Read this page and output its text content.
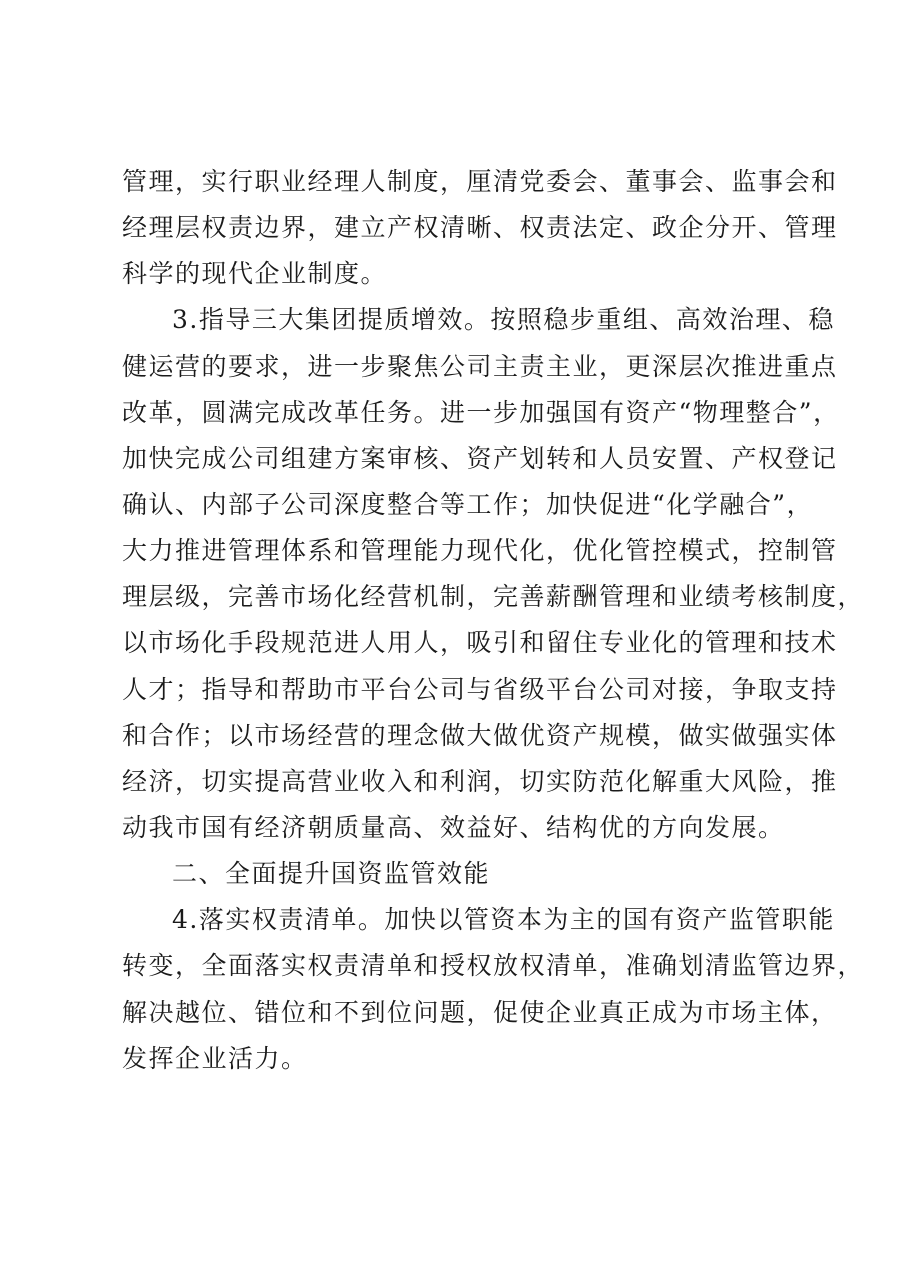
管理，实行职业经理人制度，厘清党委会、董事会、监事会和
经理层权责边界，建立产权清晰、权责法定、政企分开、管理
科学的现代企业制度。
3.指导三大集团提质增效。按照稳步重组、高效治理、稳
健运营的要求，进一步聚焦公司主责主业，更深层次推进重点
改革，圆满完成改革任务。进一步加强国有资产“物理整合”，
加快完成公司组建方案审核、资产划转和人员安置、产权登记
确认、内部子公司深度整合等工作；加快促进“化学融合”，
大力推进管理体系和管理能力现代化，优化管控模式，控制管
理层级，完善市场化经营机制，完善薪酬管理和业绩考核制度，
以市场化手段规范进人用人，吸引和留住专业化的管理和技术
人才；指导和帮助市平台公司与省级平台公司对接，争取支持
和合作；以市场经营的理念做大做优资产规模，做实做强实体
经济，切实提高营业收入和利润，切实防范化解重大风险，推
动我市国有经济朝质量高、效益好、结构优的方向发展。
二、全面提升国资监管效能
4.落实权责清单。加快以管资本为主的国有资产监管职能
转变，全面落实权责清单和授权放权清单，准确划清监管边界，
解决越位、错位和不到位问题，促使企业真正成为市场主体，
发挥企业活力。
